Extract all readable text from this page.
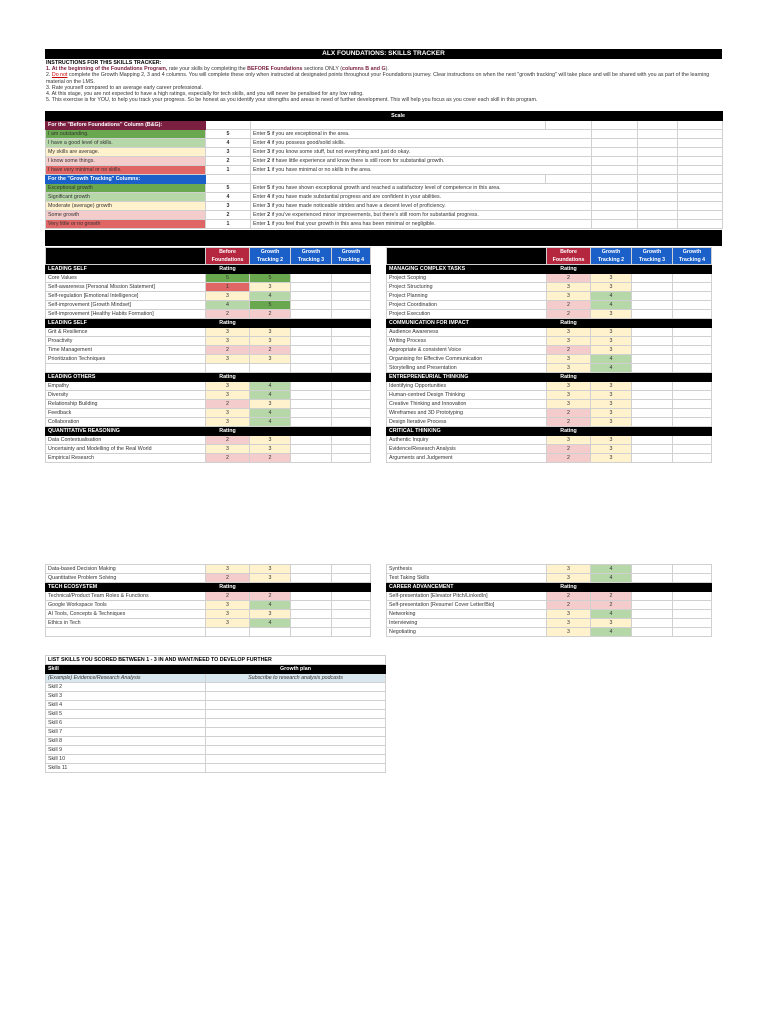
ALX FOUNDATIONS: SKILLS TRACKER
INSTRUCTIONS FOR THIS SKILLS TRACKER:
1. At the beginning of the Foundations Program, rate your skills by completing the BEFORE Foundations sections ONLY (columns B and G).
2. Do not complete the Growth Mapping 2, 3 and 4 columns. You will complete these only when instructed at designated points throughout your Foundations journey. Clear instructions on when the next "growth tracking" will take place and will be shared with you as part of the learning material on the LMS.
3. Rate yourself compared to an average early career professional.
4. At this stage, you are not expected to have a high ratings, especially for tech skills, and you will never be penalised for any low rating.
5. This exercise is for YOU, to help you track your progress. So be honest as you identify your strengths and areas in need of further development. This will help you focus as you cover each skill in this program.
		Scale				
For the "Before Foundations" Column (B&G):						
I am outstanding.	5	Enter 5 if you are exceptional in the area.				
I have a good level of skills.	4	Enter 4 if you possess good/solid skills.				
My skills are average.	3	Enter 3 if you know some stuff, but not everything and just do okay.				
I know some things.	2	Enter 2 if have little experience and know there is still room for substantial growth.				
I have very minimal or no skills.	1	Enter 1 if you have minimal or no skills in the area.				
For the "Growth Tracking" Columns:						
Exceptional growth	5	Enter 5 if you have shown exceptional growth and reached a satisfactory level of competence in this area.				
Significant growth	4	Enter 4 if you have made substantial progress and are confident in your abilities.				
Moderate (average) growth	3	Enter 3 if you have made noticeable strides and have a decent level of proficiency.				
Some growth	2	Enter 2 if you've experienced minor improvements, but there's still room for substantial progress.				
Very little or no growth	1	Enter 1 if you feel that your growth in this area has been minimal or negligible.				
	Before Foundations	Growth Tracking 2	Growth Tracking 3	Growth Tracking 4
LEADING SELF	Rating			
Core Values	5	5		
Self-awareness [Personal Mission Statement]	1	3		
Self-regulation [Emotional Intelligence]	3	4		
Self-improvement [Growth Mindset]	4	5		
Self-improvement [Healthy Habits Formation]	2	2		
LEADING SELF	Rating			
Grit & Resilience	3	3		
Proactivity	3	3		
Time Management	2	2		
Prioritization Techniques	3	3		

LEADING OTHERS	Rating			
Empathy	3	4		
Diversity	3	4		
Relationship Building	2	3		
Feedback	3	4		
Collaboration	3	4		
QUANTITATIVE REASONING	Rating			
Data Contextualisation	2	3		
Uncertainty and Modelling of the Real World	3	3		
Empirical Research	2	2		
	Before Foundations	Growth Tracking 2	Growth Tracking 3	Growth Tracking 4
MANAGING COMPLEX TASKS	Rating			
Project Scoping	2	3		
Project Structuring	3	3		
Project Planning	3	4		
Project Coordination	2	4		
Project Execution	2	3		
COMMUNICATION FOR IMPACT	Rating			
Audience Awareness	3	3		
Writing Process	3	3		
Appropriate & consistent Voice	2	3		
Organising for Effective Communication	3	4		
Storytelling and Presentation	3	4		
ENTREPRENEURIAL THINKING	Rating			
Identifying Opportunities	3	3		
Human-centred Design Thinking	3	3		
Creative Thinking and Innovation	3	3		
Wireframes and 3D Prototyping	2	3		
Design Iterative Process	2	3		
CRITICAL THINKING	Rating			
Authentic Inquiry	3	3		
Evidence/Research Analysis	2	3		
Arguments and Judgement	2	3		
Data-based Decision Making	3	3		
Quantitative Problem Solving	2	3		
TECH ECOSYSTEM	Rating			
Technical/Product Team Roles & Functions	2	2		
Google Workspace Tools	3	4		
AI Tools, Concepts & Techniques	3	3		
Ethics in Tech	3	4		

Synthesis	3	4		
Test Taking Skills	3	4		
CAREER ADVANCEMENT	Rating			
Self-presentation [Elevator Pitch/LinkedIn]	2	2		
Self-presentation [Resume/ Cover Letter/Bio]	2	2		
Networking	3	4		
Interviewing	3	3		
Negotiating	3	4		
LIST SKILLS YOU SCORED BETWEEN 1 - 3 IN AND WANT/NEED TO DEVELOP FURTHER	
Skill	Growth plan
(Example) Evidence/Research Analysis	Subscribe to research analysis podcasts
Skill 2	
Skill 3	
Skill 4	
Skill 5	
Skill 6	
Skill 7	
Skill 8	
Skill 9	
Skill 10	
Skills 11	
